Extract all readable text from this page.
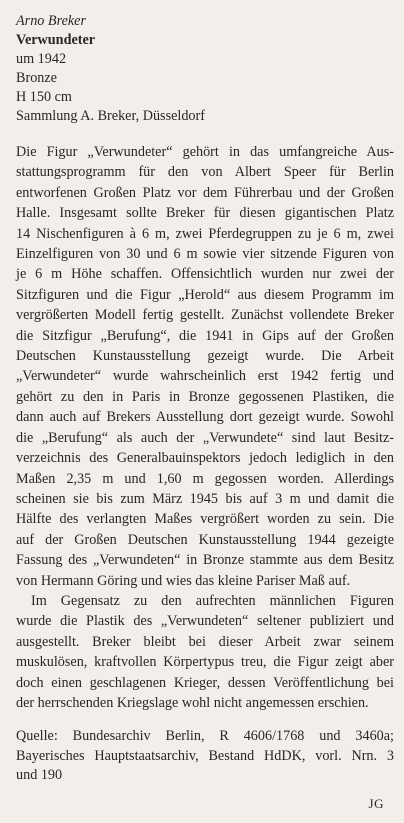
Arno Breker
Verwundeter
um 1942
Bronze
H 150 cm
Sammlung A. Breker, Düsseldorf
Die Figur „Verwundeter“ gehört in das umfangreiche Aus-
stattungsprogramm für den von Albert Speer für Berlin
entworfenen Großen Platz vor dem Führerbau und der Großen
Halle. Insgesamt sollte Breker für diesen gigantischen Platz
14 Nischenfiguren à 6 m, zwei Pferdegruppen zu je 6 m, zwei
Einzelfiguren von 30 und 6 m sowie vier sitzende Figuren von
je 6 m Höhe schaffen. Offensichtlich wurden nur zwei der
Sitzfiguren und die Figur „Herold“ aus diesem Programm im
vergrößerten Modell fertig gestellt. Zunächst vollendete Breker
die Sitzfigur „Berufung“, die 1941 in Gips auf der Großen
Deutschen Kunstausstellung gezeigt wurde. Die Arbeit
„Verwundeter“ wurde wahrscheinlich erst 1942 fertig und
gehört zu den in Paris in Bronze gegossenen Plastiken, die
dann auch auf Brekers Ausstellung dort gezeigt wurde. Sowohl
die „Berufung“ als auch der „Verwundete“ sind laut Besitz-
verzeichnis des Generalbauinspektors jedoch lediglich in den
Maßen 2,35 m und 1,60 m gegossen worden. Allerdings
scheinen sie bis zum März 1945 bis auf 3 m und damit die
Hälfte des verlangten Maßes vergrößert worden zu sein. Die
auf der Großen Deutschen Kunstausstellung 1944 gezeigte
Fassung des „Verwundeten“ in Bronze stammte aus dem Besitz
von Hermann Göring und wies das kleine Pariser Maß auf.
Im Gegensatz zu den aufrechten männlichen Figuren
wurde die Plastik des „Verwundeten“ seltener publiziert und
ausgestellt. Breker bleibt bei dieser Arbeit zwar seinem
muskulösen, kraftvollen Körpertypus treu, die Figur zeigt aber
doch einen geschlagenen Krieger, dessen Veröffentlichung bei
der herrschenden Kriegslage wohl nicht angemessen erschien.
Quelle: Bundesarchiv Berlin, R 4606/1768 und 3460a;
Bayerisches Hauptstaatsarchiv, Bestand HdDK, vorl. Nrn. 3
und 190
JG
